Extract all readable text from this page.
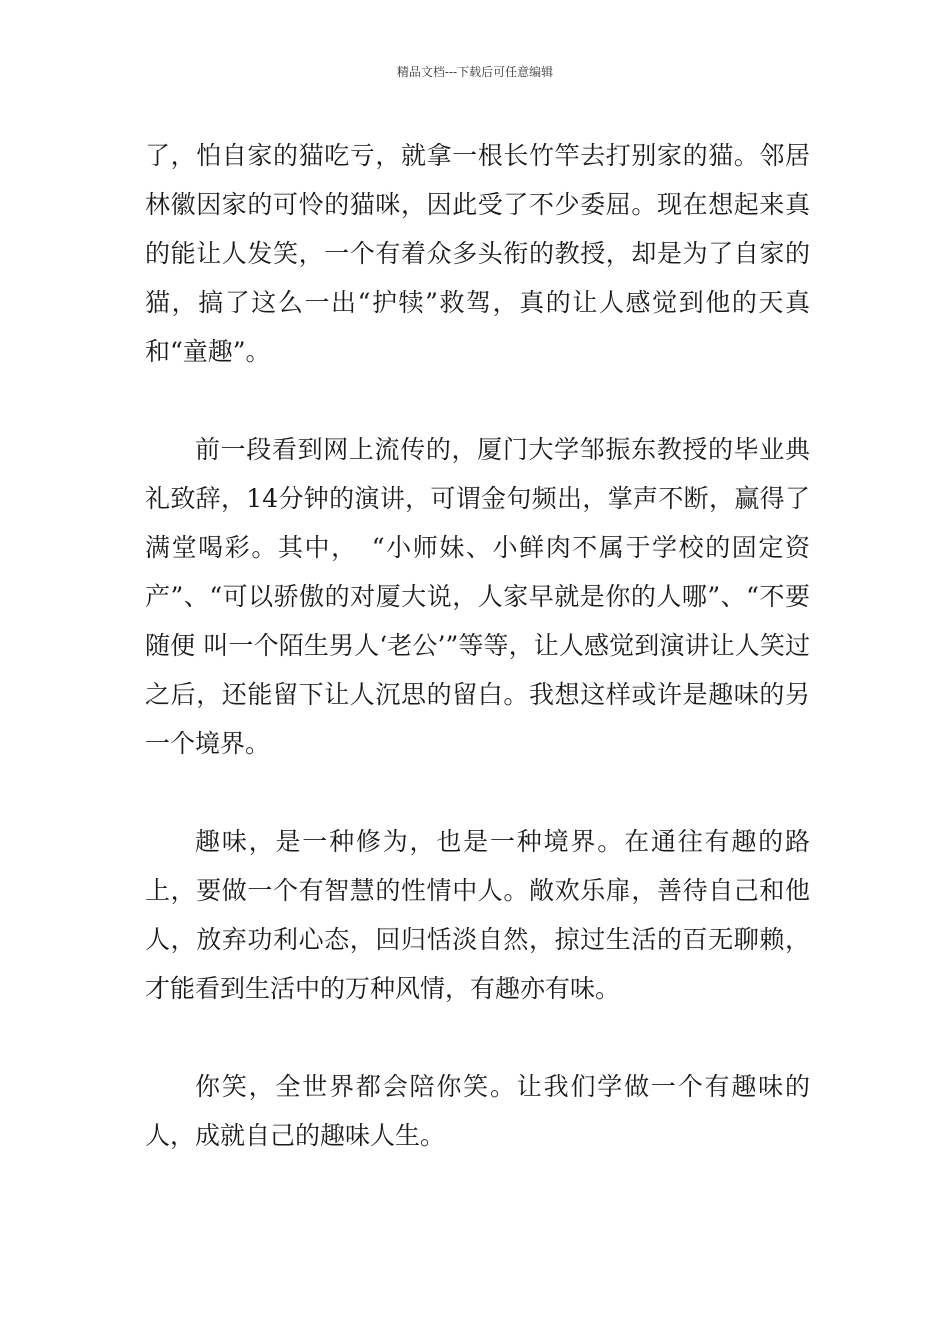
精品文档---下载后可任意编辑

了，怕自家的猫吃亏，就拿一根长竹竿去打别家的猫。邻居林徽因家的可怜的猫咪，因此受了不少委屈。现在想起来真的能让人发笑，一个有着众多头衔的教授，却是为了自家的猫，搞了这么一出“护犊”救驾，真的让人感觉到他的天真和“童趣”。

前一段看到网上流传的，厦门大学邹振东教授的毕业典礼致辞，14分钟的演讲，可谓金句频出，掌声不断，赢得了满堂喝彩。其中，　“小师妹、小鲜肉不属于学校的固定资产”、“可以骄傲的对厦大说，人家早就是你的人哪”、“不要随便 叫一个陌生男人‘老公’”等等，让人感觉到演讲让人笑过之后，还能留下让人沉思的留白。我想这样或许是趣味的另一个境界。

趣味，是一种修为，也是一种境界。在通往有趣的路上，要做一个有智慧的性情中人。敞欢乐扉，善待自己和他人，放弃功利心态，回归恬淡自然，掠过生活的百无聊赖，才能看到生活中的万种风情，有趣亦有味。

你笑，全世界都会陪你笑。让我们学做一个有趣味的人，成就自己的趣味人生。
